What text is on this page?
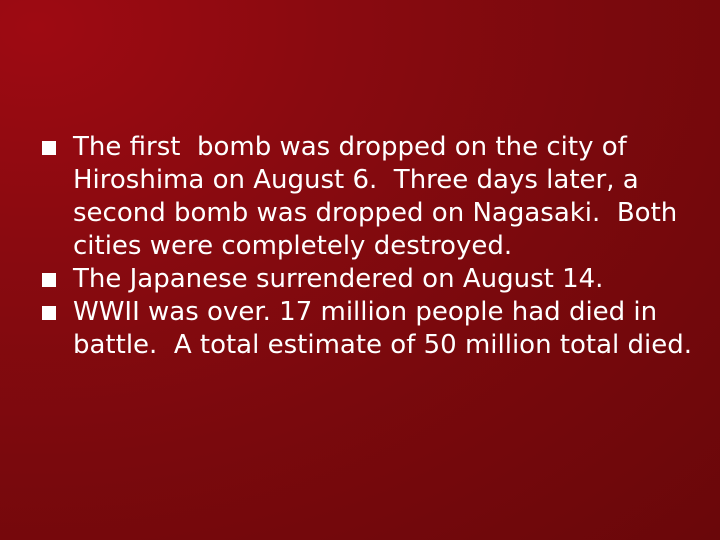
The first  bomb was dropped on the city of Hiroshima on August 6.  Three days later, a second bomb was dropped on Nagasaki.  Both cities were completely destroyed.
The Japanese surrendered on August 14.
WWII was over. 17 million people had died in battle.  A total estimate of 50 million total died.
